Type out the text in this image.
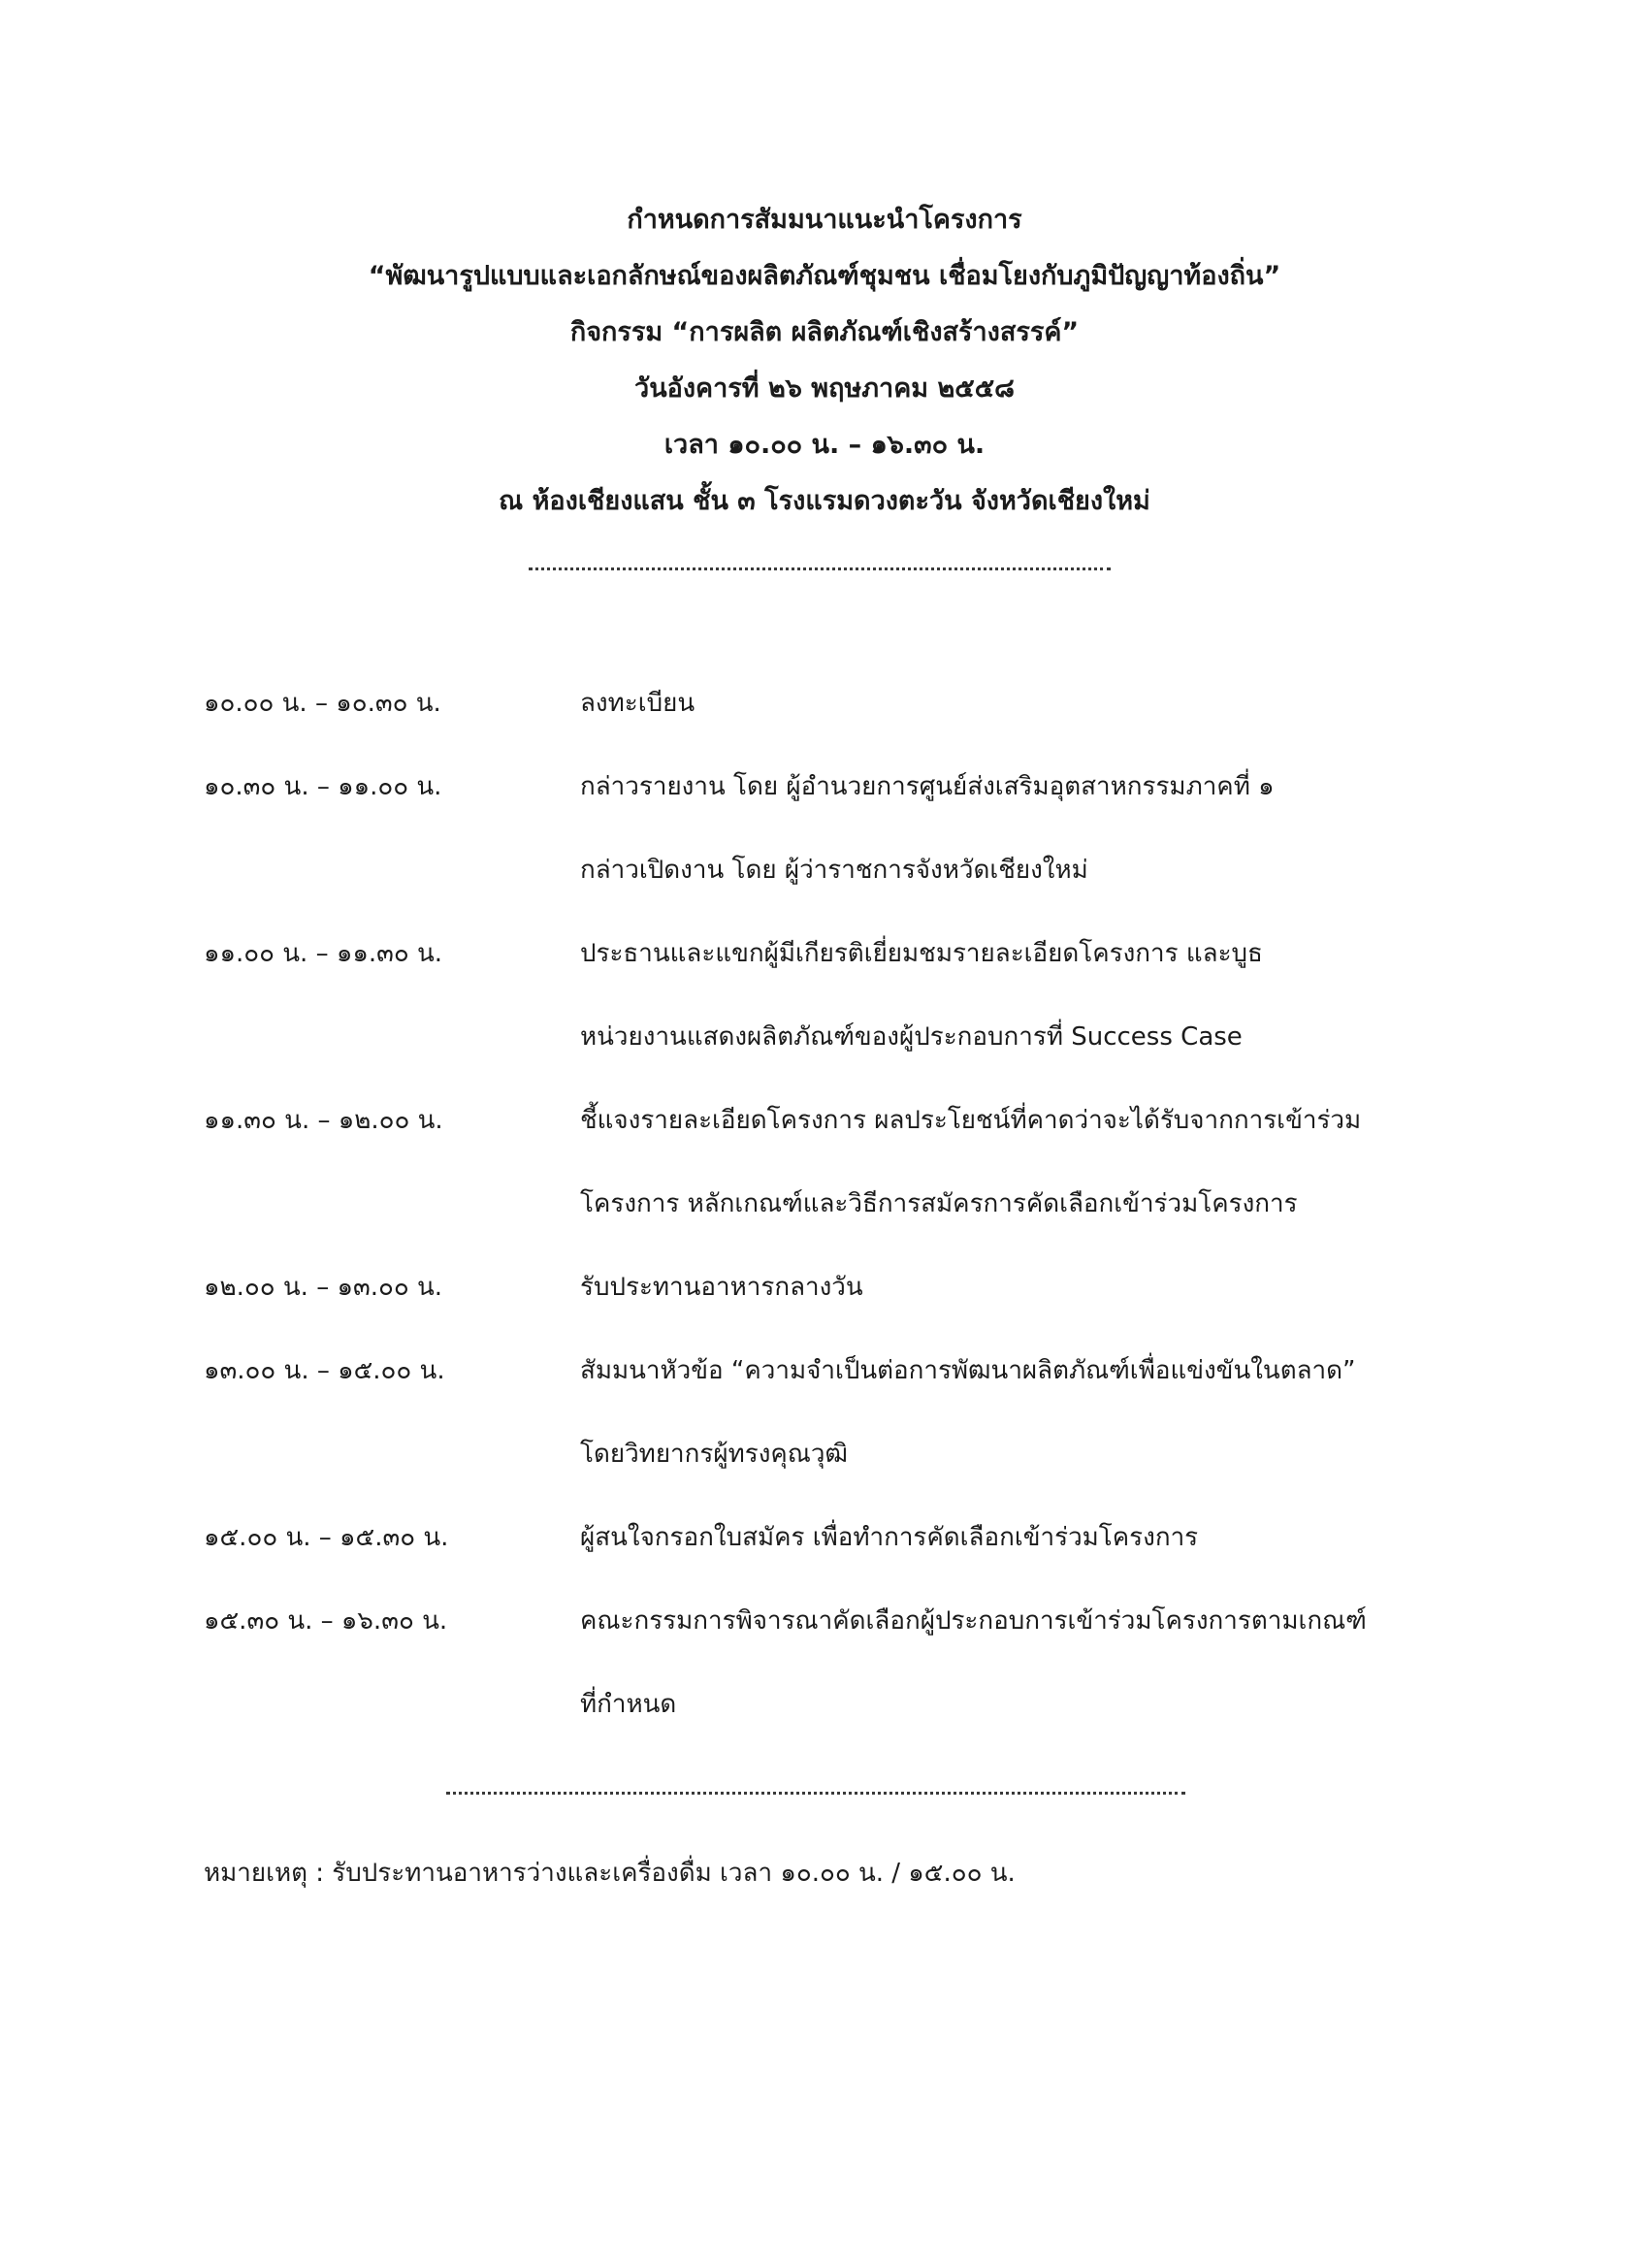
กำหนดการสัมมนาแนะนำโครงการ
“พัฒนารูปแบบและเอกลักษณ์ของผลิตภัณฑ์ชุมชน เชื่อมโยงกับภูมิปัญญาท้องถิ่น”
กิจกรรม “การผลิต ผลิตภัณฑ์เชิงสร้างสรรค์”
วันอังคารที่ ๒๖ พฤษภาคม ๒๕๕๘
เวลา ๑๐.๐๐ น. – ๑๖.๓๐ น.
ณ ห้องเชียงแสน ชั้น ๓ โรงแรมดวงตะวัน จังหวัดเชียงใหม่
๑๐.๐๐ น. – ๑๐.๓๐ น.	ลงทะเบียน
๑๐.๓๐ น. – ๑๑.๐๐ น.	กล่าวรายงาน โดย ผู้อำนวยการศูนย์ส่งเสริมอุตสาหกรรมภาคที่ ๑
กล่าวเปิดงาน โดย ผู้ว่าราชการจังหวัดเชียงใหม่
๑๑.๐๐ น. – ๑๑.๓๐ น.	ประธานและแขกผู้มีเกียรติเยี่ยมชมรายละเอียดโครงการ และบูธ
หน่วยงานแสดงผลิตภัณฑ์ของผู้ประกอบการที่ Success Case
๑๑.๓๐ น. – ๑๒.๐๐ น.	ชี้แจงรายละเอียดโครงการ ผลประโยชน์ที่คาดว่าจะได้รับจากการเข้าร่วม
โครงการ หลักเกณฑ์และวิธีการสมัครการคัดเลือกเข้าร่วมโครงการ
๑๒.๐๐ น. – ๑๓.๐๐ น.	รับประทานอาหารกลางวัน
๑๓.๐๐ น. – ๑๕.๐๐ น.	สัมมนาหัวข้อ “ความจำเป็นต่อการพัฒนาผลิตภัณฑ์เพื่อแข่งขันในตลาด”
โดยวิทยากรผู้ทรงคุณวุฒิ
๑๕.๐๐ น. – ๑๕.๓๐ น.	ผู้สนใจกรอกใบสมัคร เพื่อทำการคัดเลือกเข้าร่วมโครงการ
๑๕.๓๐ น. – ๑๖.๓๐ น.	คณะกรรมการพิจารณาคัดเลือกผู้ประกอบการเข้าร่วมโครงการตามเกณฑ์
ที่กำหนด
หมายเหตุ : รับประทานอาหารว่างและเครื่องดื่ม เวลา ๑๐.๐๐ น. / ๑๕.๐๐ น.
